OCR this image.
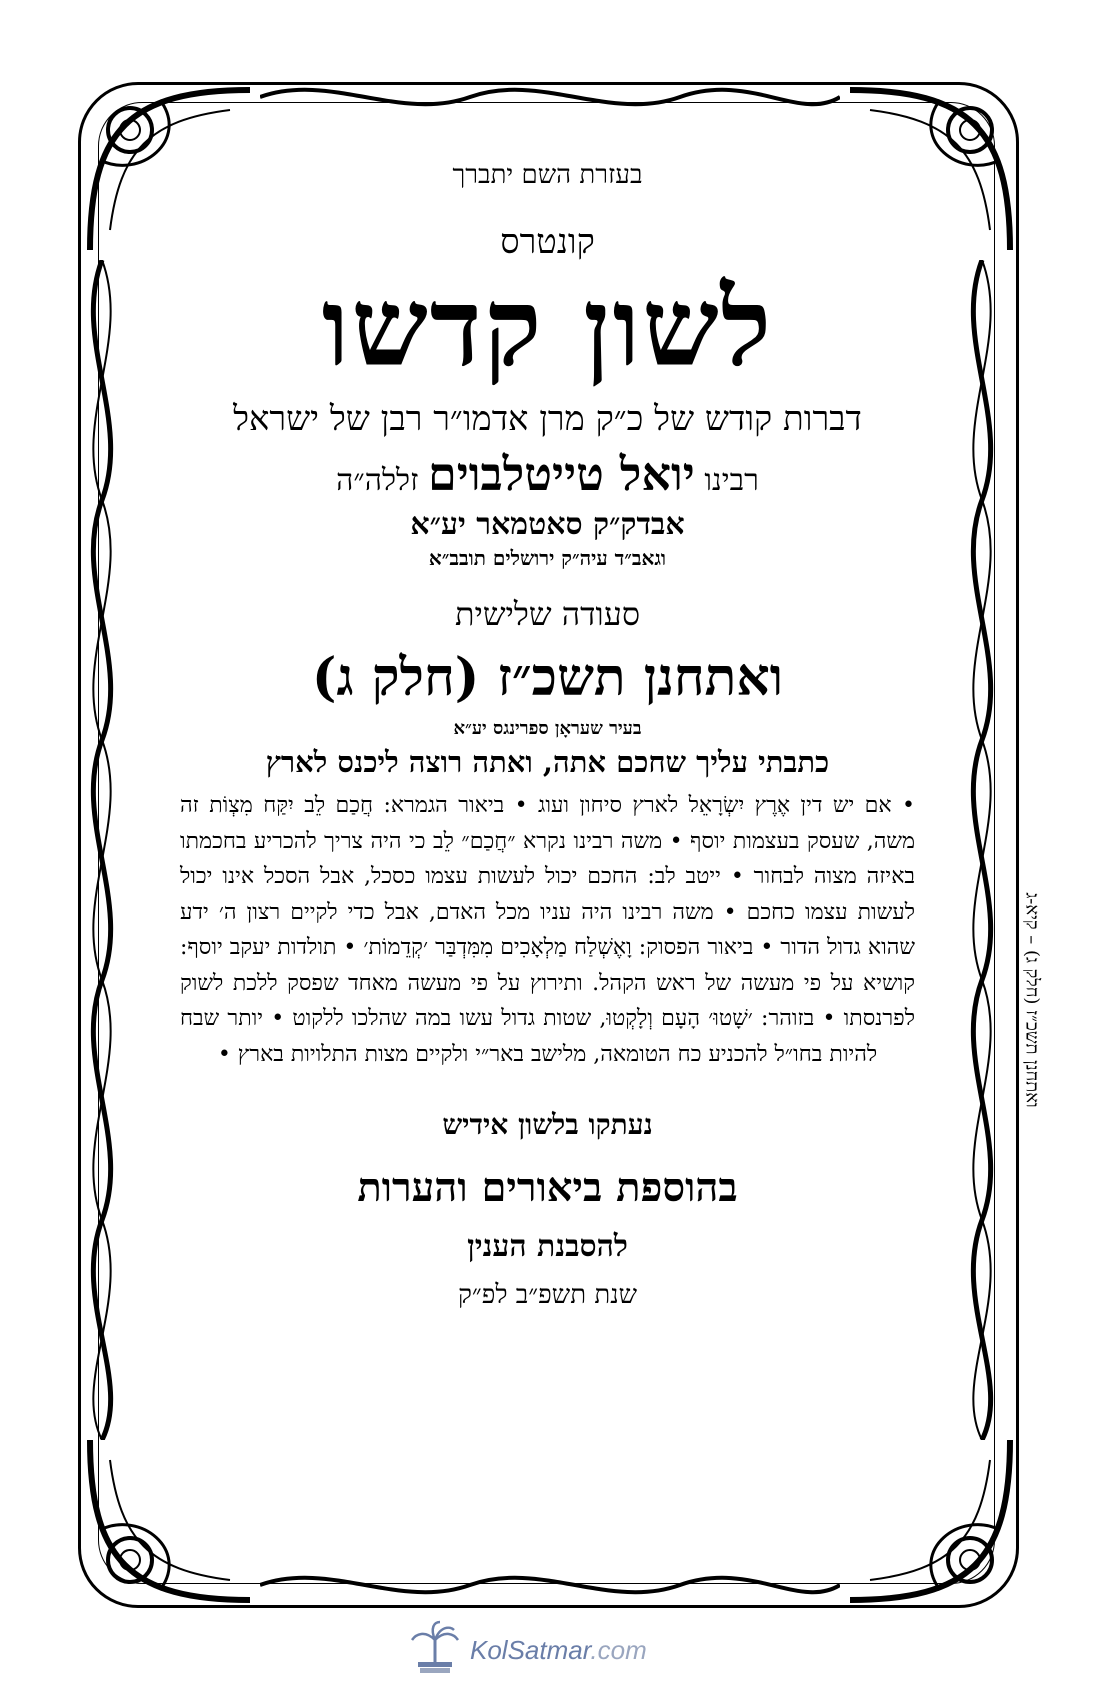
בעזרת השם יתברך

קונטרס

לשון קדשו

דברות קודש של כ״ק מרן אדמו״ר רבן של ישראל

רבינו יואל טייטלבוים זללה״ה

אבדק״ק סאטמאר יע״א

וגאב״ד עיה״ק ירושלים תובב״א

סעודה שלישית

ואתחנן תשכ״ז (חלק ג)

בעיר שעראָן ספרינגס יע״א

כתבתי עליך שחכם אתה, ואתה רוצה ליכנס לארץ

• אם יש דין אֶרֶץ יִשְׂרָאֵל לארץ סיחון ועוג • ביאור הגמרא: חֲכַם לֵב יִקַּח מִצְוֹת זה משה, שעסק בעצמות יוסף • משה רבינו נקרא ״חֲכַם״ לֵב כי היה צריך להכריע בחכמתו באיזה מצוה לבחור • ייטב לב: החכם יכול לעשות עצמו כסכל, אבל הסכל אינו יכול לעשות עצמו כחכם • משה רבינו היה עניו מכל האדם, אבל כדי לקיים רצון ה׳ ידע שהוא גדול הדור • ביאור הפסוק: וָאֶשְׁלַח מַלְאָכִים מִמִּדְבַּר ׳קְדֵמוֹת׳ • תולדות יעקב יוסף: קושיא על פי מעשה של ראש הקהל. ותירוץ על פי מעשה מאחד שפסק ללכת לשוק לפרנסתו • בזוהר: ׳שָׁטוּ׳ הָעָם וְלָקְטוּ, שטות גדול עשו במה שהלכו ללקוט • יותר שבח להיות בחו״ל להכניע כח הטומאה, מלישב באר״י ולקיים מצות התלויות בארץ •

נעתקו בלשון אידיש

בהוספת ביאורים והערות

להסבנת הענין

שנת תשפ״ב לפ״ק

ואתחנן תשכ״ז (חלק ג) – קיא-ג
KolSatmar.com
